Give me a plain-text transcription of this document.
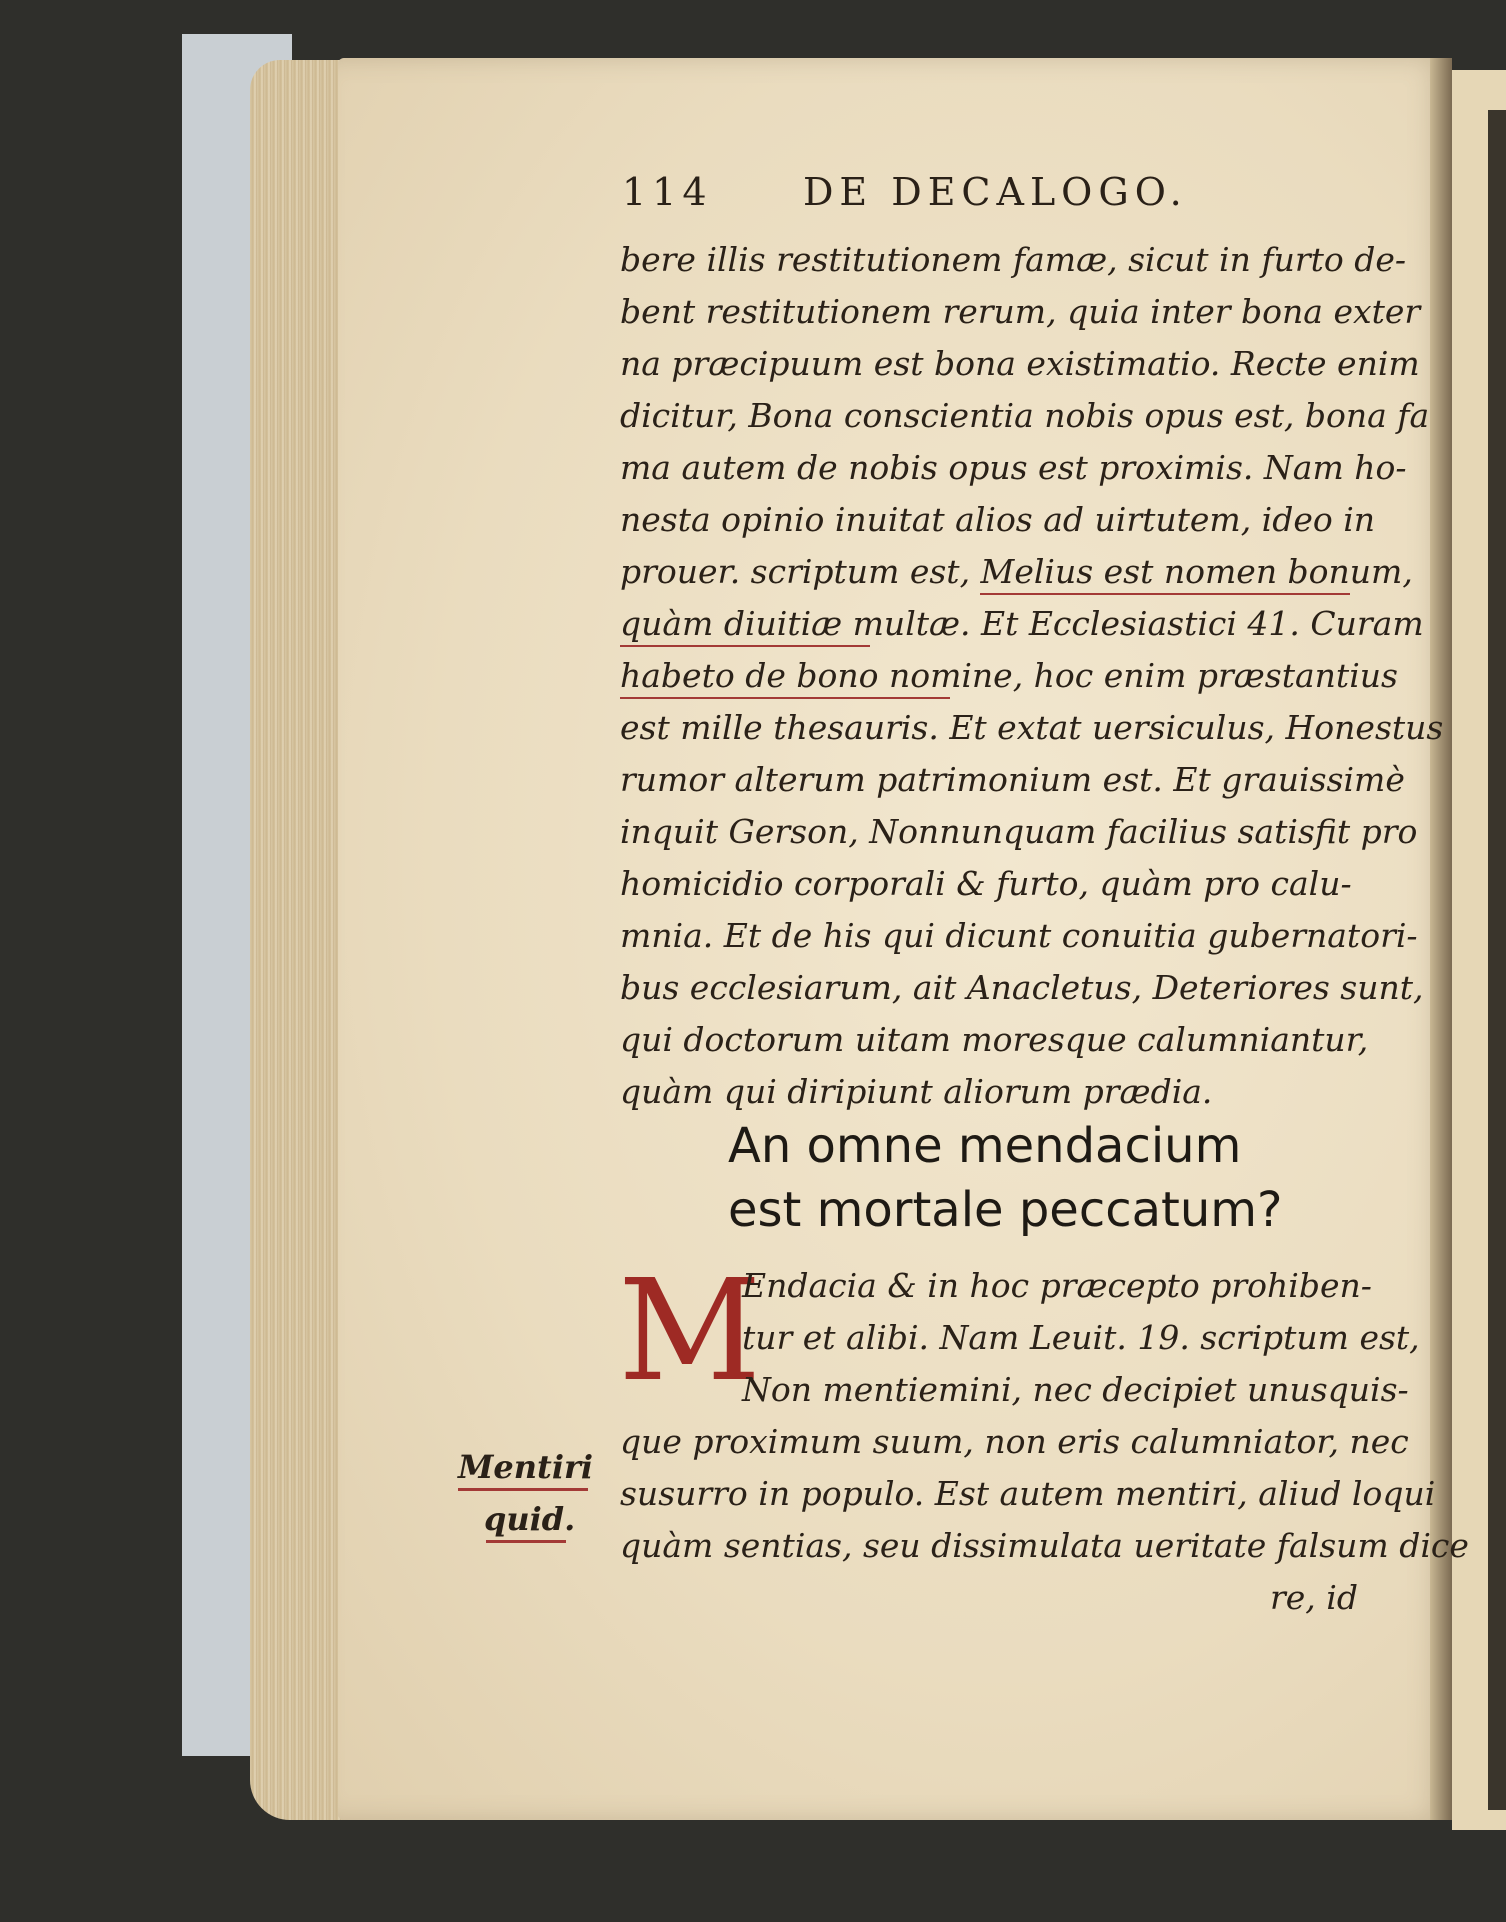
114 DE DECALOGO.
bere illis restitutionem famæ, sicut in furto de-
bent restitutionem rerum, quia inter bona exter
na præcipuum est bona existimatio. Recte enim
dicitur, Bona conscientia nobis opus est, bona fa
ma autem de nobis opus est proximis. Nam ho-
nesta opinio inuitat alios ad uirtutem, ideo in
prouer. scriptum est, Melius est nomen bonum,
quàm diuitiæ multæ. Et Ecclesiastici 41. Curam
habeto de bono nomine, hoc enim præstantius
est mille thesauris. Et extat uersiculus, Honestus
rumor alterum patrimonium est. Et grauissimè
inquit Gerson, Nonnunquam facilius satisfit pro
homicidio corporali & furto, quàm pro calu-
mnia. Et de his qui dicunt conuitia gubernatori-
bus ecclesiarum, ait Anacletus, Deteriores sunt,
qui doctorum uitam moresque calumniantur,
quàm qui diripiunt aliorum prædia.
An omne mendacium
est mortale peccatum?
M
Endacia & in hoc præcepto prohiben-
tur et alibi. Nam Leuit. 19. scriptum est,
Non mentiemini, nec decipiet unusquis-
que proximum suum, non eris calumniator, nec
susurro in populo. Est autem mentiri, aliud loqui
quàm sentias, seu dissimulata ueritate falsum dice
re, id
Mentiri
quid.
